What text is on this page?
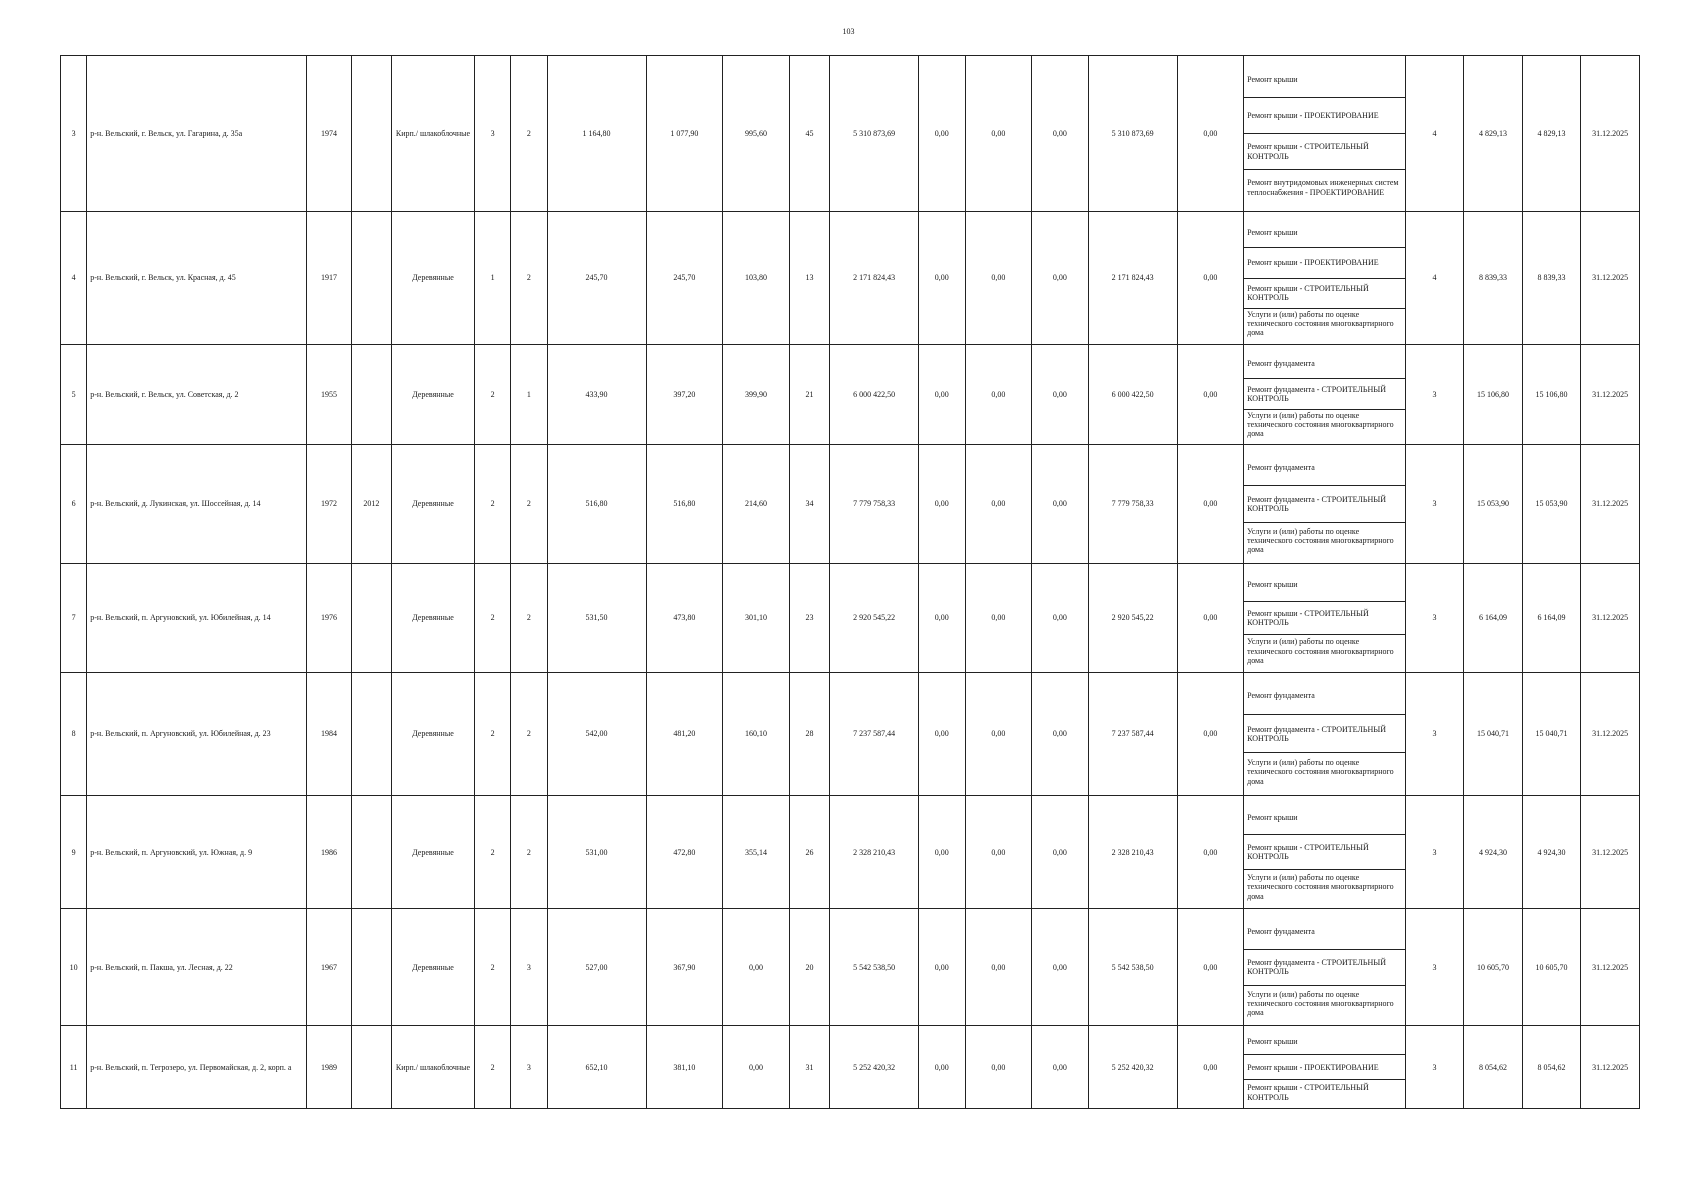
103
3	р-н. Вельский, г. Вельск, ул. Гагарина, д. 35а	1974		Кирп./ шлакоблочные	3	2	1 164,80	1 077,90	995,60	45	5 310 873,69	0,00	0,00	0,00	5 310 873,69	0,00	Ремонт крыши
Ремонт крыши - ПРОЕКТИРОВАНИЕ
Ремонт крыши - СТРОИТЕЛЬНЫЙ КОНТРОЛЬ
Ремонт внутридомовых инженерных систем теплоснабжения - ПРОЕКТИРОВАНИЕ	4	4 829,13	4 829,13	31.12.2025
4	р-н. Вельский, г. Вельск, ул. Красная, д. 45	1917		Деревянные	1	2	245,70	245,70	103,80	13	2 171 824,43	0,00	0,00	0,00	2 171 824,43	0,00	Ремонт крыши
Ремонт крыши - ПРОЕКТИРОВАНИЕ
Ремонт крыши - СТРОИТЕЛЬНЫЙ КОНТРОЛЬ
Услуги и (или) работы по оценке технического состояния многоквартирного дома	4	8 839,33	8 839,33	31.12.2025
5	р-н. Вельский, г. Вельск, ул. Советская, д. 2	1955		Деревянные	2	1	433,90	397,20	399,90	21	6 000 422,50	0,00	0,00	0,00	6 000 422,50	0,00	Ремонт фундамента
Ремонт фундамента - СТРОИТЕЛЬНЫЙ КОНТРОЛЬ
Услуги и (или) работы по оценке технического состояния многоквартирного дома	3	15 106,80	15 106,80	31.12.2025
6	р-н. Вельский, д. Лукинская, ул. Шоссейная, д. 14	1972	2012	Деревянные	2	2	516,80	516,80	214,60	34	7 779 758,33	0,00	0,00	0,00	7 779 758,33	0,00	Ремонт фундамента
Ремонт фундамента - СТРОИТЕЛЬНЫЙ КОНТРОЛЬ
Услуги и (или) работы по оценке технического состояния многоквартирного дома	3	15 053,90	15 053,90	31.12.2025
7	р-н. Вельский, п. Аргуновский, ул. Юбилейная, д. 14	1976		Деревянные	2	2	531,50	473,80	301,10	23	2 920 545,22	0,00	0,00	0,00	2 920 545,22	0,00	Ремонт крыши
Ремонт крыши - СТРОИТЕЛЬНЫЙ КОНТРОЛЬ
Услуги и (или) работы по оценке технического состояния многоквартирного дома	3	6 164,09	6 164,09	31.12.2025
8	р-н. Вельский, п. Аргуновский, ул. Юбилейная, д. 23	1984		Деревянные	2	2	542,00	481,20	160,10	28	7 237 587,44	0,00	0,00	0,00	7 237 587,44	0,00	Ремонт фундамента
Ремонт фундамента - СТРОИТЕЛЬНЫЙ КОНТРОЛЬ
Услуги и (или) работы по оценке технического состояния многоквартирного дома	3	15 040,71	15 040,71	31.12.2025
9	р-н. Вельский, п. Аргуновский, ул. Южная, д. 9	1986		Деревянные	2	2	531,00	472,80	355,14	26	2 328 210,43	0,00	0,00	0,00	2 328 210,43	0,00	Ремонт крыши
Ремонт крыши - СТРОИТЕЛЬНЫЙ КОНТРОЛЬ
Услуги и (или) работы по оценке технического состояния многоквартирного дома	3	4 924,30	4 924,30	31.12.2025
10	р-н. Вельский, п. Пакша, ул. Лесная, д. 22	1967		Деревянные	2	3	527,00	367,90	0,00	20	5 542 538,50	0,00	0,00	0,00	5 542 538,50	0,00	Ремонт фундамента
Ремонт фундамента - СТРОИТЕЛЬНЫЙ КОНТРОЛЬ
Услуги и (или) работы по оценке технического состояния многоквартирного дома	3	10 605,70	10 605,70	31.12.2025
11	р-н. Вельский, п. Тегрозеро, ул. Первомайская, д. 2, корп. а	1989		Кирп./ шлакоблочные	2	3	652,10	381,10	0,00	31	5 252 420,32	0,00	0,00	0,00	5 252 420,32	0,00	Ремонт крыши
Ремонт крыши - ПРОЕКТИРОВАНИЕ
Ремонт крыши - СТРОИТЕЛЬНЫЙ КОНТРОЛЬ	3	8 054,62	8 054,62	31.12.2025
